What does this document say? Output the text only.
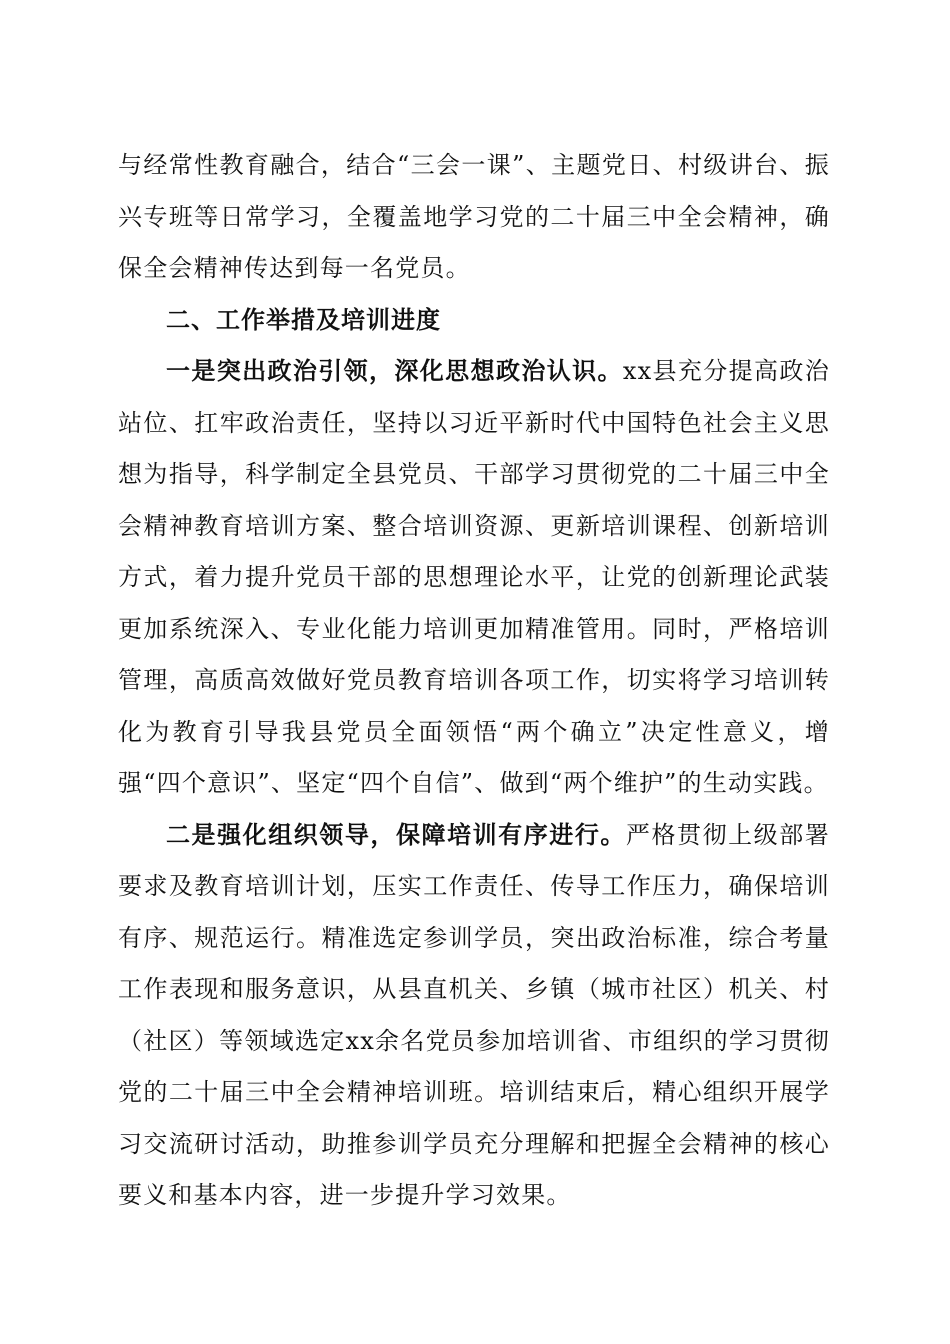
与经常性教育融合，结合“三会一课”、主题党日、村级讲台、振兴专班等日常学习，全覆盖地学习党的二十届三中全会精神，确保全会精神传达到每一名党员。

二、工作举措及培训进度

一是突出政治引领，深化思想政治认识。xx县充分提高政治站位、扛牢政治责任，坚持以习近平新时代中国特色社会主义思想为指导，科学制定全县党员、干部学习贯彻党的二十届三中全会精神教育培训方案、整合培训资源、更新培训课程、创新培训方式，着力提升党员干部的思想理论水平，让党的创新理论武装更加系统深入、专业化能力培训更加精准管用。同时，严格培训管理，高质高效做好党员教育培训各项工作，切实将学习培训转化为教育引导我县党员全面领悟“两个确立”决定性意义，增强“四个意识”、坚定“四个自信”、做到“两个维护”的生动实践。

二是强化组织领导，保障培训有序进行。严格贯彻上级部署要求及教育培训计划，压实工作责任、传导工作压力，确保培训有序、规范运行。精准选定参训学员，突出政治标准，综合考量工作表现和服务意识，从县直机关、乡镇（城市社区）机关、村（社区）等领域选定xx余名党员参加培训省、市组织的学习贯彻党的二十届三中全会精神培训班。培训结束后，精心组织开展学习交流研讨活动，助推参训学员充分理解和把握全会精神的核心要义和基本内容，进一步提升学习效果。
